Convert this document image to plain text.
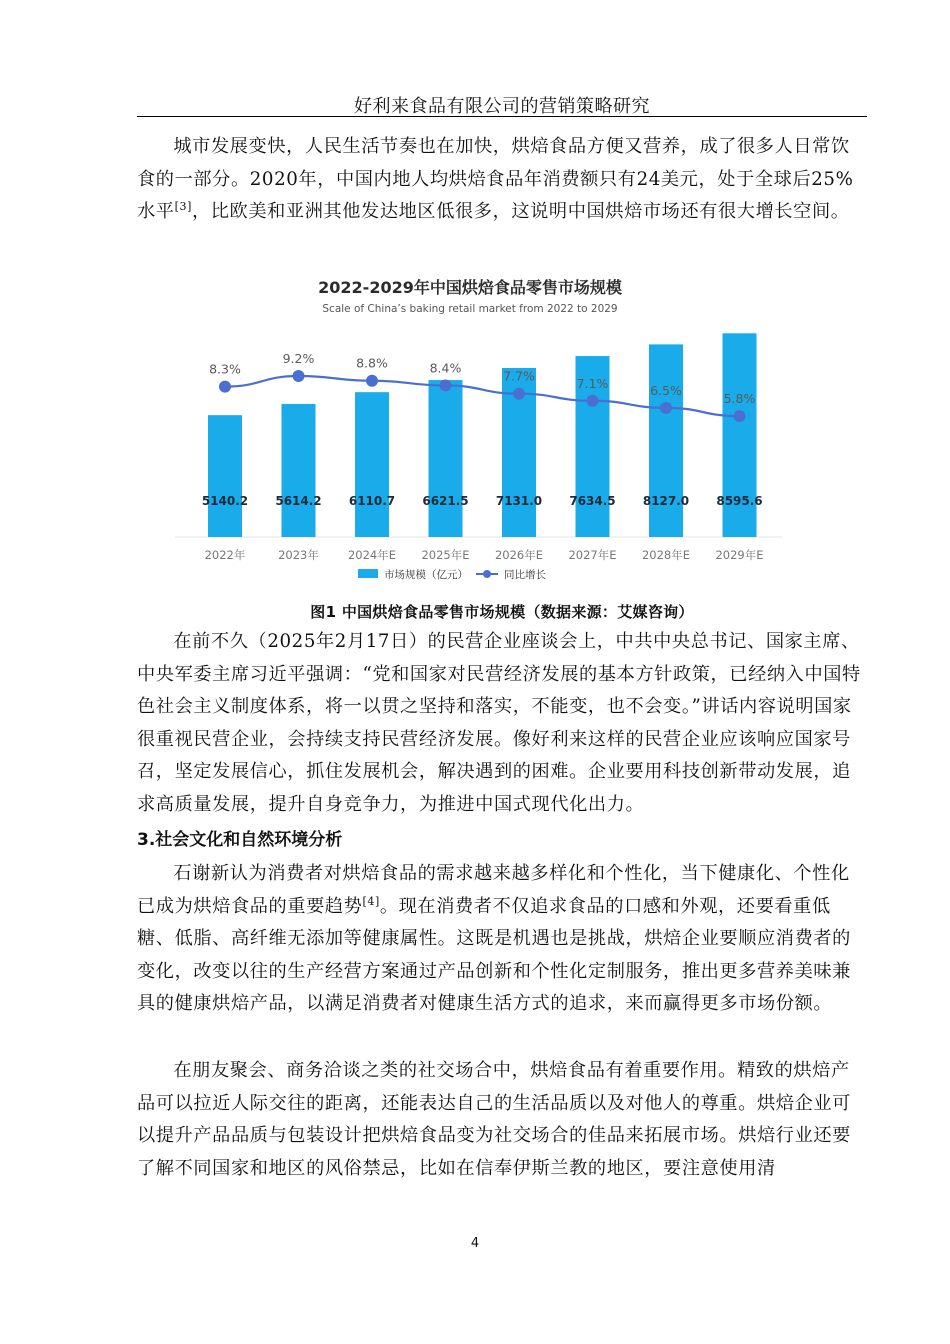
好利来食品有限公司的营销策略研究

城市发展变快，人民生活节奏也在加快，烘焙食品方便又营养，成了很多人日常饮食的一部分。2020年，中国内地人均烘焙食品年消费额只有24美元，处于全球后25%水平[3]，比欧美和亚洲其他发达地区低很多，这说明中国烘焙市场还有很大增长空间。

2022-2029年中国烘焙食品零售市场规模
Scale of China’s baking retail market from 2022 to 2029
5140.2
2022年
5614.2
2023年
6110.7
2024年E
6621.5
2025年E
7131.0
2026年E
7634.5
2027年E
8127.0
2028年E
8595.6
2029年E
8.3%
9.2%	8.8%	8.4%
7.7%	7.1%	6.5%
5.8%
市场规模（亿元）	同比增长
图1 中国烘焙食品零售市场规模（数据来源：艾媒咨询）

在前不久（2025年2月17日）的民营企业座谈会上，中共中央总书记、国家主席、中央军委主席习近平强调：“党和国家对民营经济发展的基本方针政策，已经纳入中国特色社会主义制度体系，将一以贯之坚持和落实，不能变，也不会变。”讲话内容说明国家很重视民营企业，会持续支持民营经济发展。像好利来这样的民营企业应该响应国家号召，坚定发展信心，抓住发展机会，解决遇到的困难。企业要用科技创新带动发展，追求高质量发展，提升自身竞争力，为推进中国式现代化出力。

3.社会文化和自然环境分析

石谢新认为消费者对烘焙食品的需求越来越多样化和个性化，当下健康化、个性化已成为烘焙食品的重要趋势[4]。现在消费者不仅追求食品的口感和外观，还要看重低糖、低脂、高纤维无添加等健康属性。这既是机遇也是挑战，烘焙企业要顺应消费者的变化，改变以往的生产经营方案通过产品创新和个性化定制服务，推出更多营养美味兼具的健康烘焙产品，以满足消费者对健康生活方式的追求，来而赢得更多市场份额。

在朋友聚会、商务洽谈之类的社交场合中，烘焙食品有着重要作用。精致的烘焙产品可以拉近人际交往的距离，还能表达自己的生活品质以及对他人的尊重。烘焙企业可以提升产品品质与包装设计把烘焙食品变为社交场合的佳品来拓展市场。烘焙行业还要了解不同国家和地区的风俗禁忌，比如在信奉伊斯兰教的地区，要注意使用清

4
